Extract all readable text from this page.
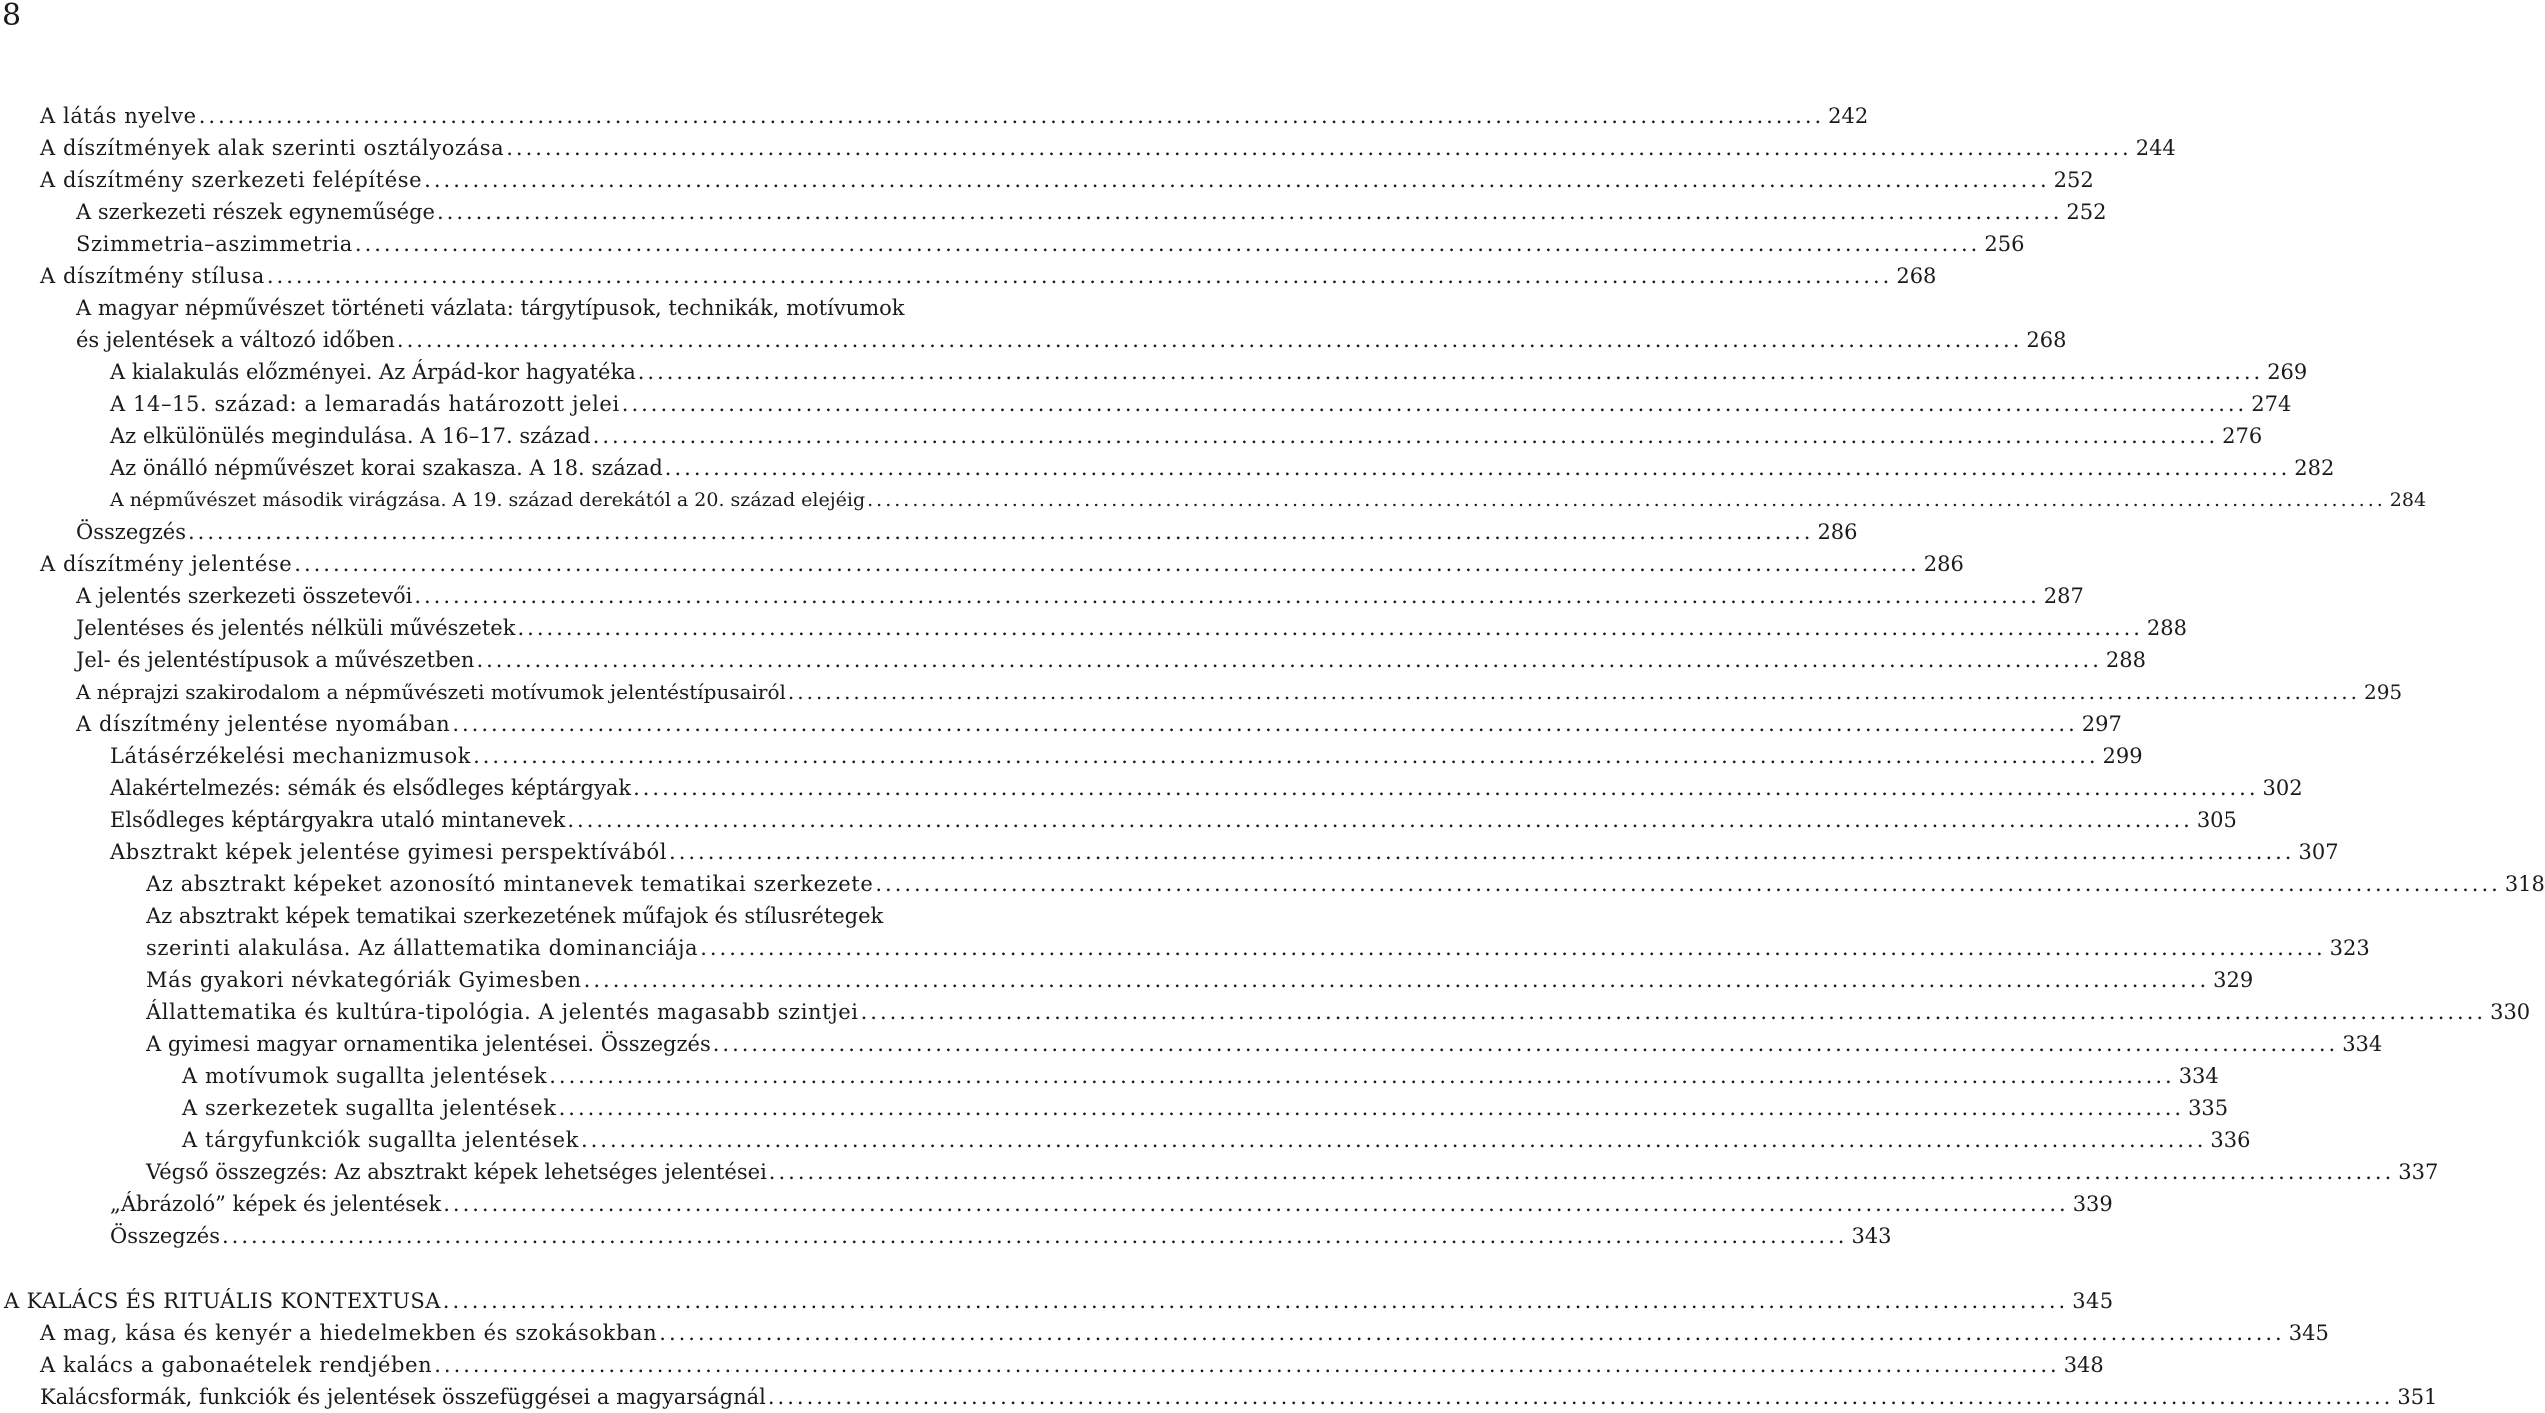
8
A látás nyelve .....	242
A díszítmények alak szerinti osztályozása .....	244
A díszítmény szerkezeti felépítése .....	252
A szerkezeti részek egyneműsége .....	252
Szimmetria–aszimmetria .....	256
A díszítmény stílusa .....	268
A magyar népművészet történeti vázlata: tárgytípusok, technikák, motívumok
és jelentések a változó időben .....	268
A kialakulás előzményei. Az Árpád-kor hagyatéka .....	269
A 14–15. század: a lemaradás határozott jelei .....	274
Az elkülönülés megindulása. A 16–17. század .....	276
Az önálló népművészet korai szakasza. A 18. század .....	282
A népművészet második virágzása. A 19. század derekától a 20. század elejéig .....	284
Összegzés .....	286
A díszítmény jelentése .....	286
A jelentés szerkezeti összetevői .....	287
Jelentéses és jelentés nélküli művészetek .....	288
Jel- és jelentéstípusok a művészetben .....	288
A néprajzi szakirodalom a népművészeti motívumok jelentéstípusairól .....	295
A díszítmény jelentése nyomában .....	297
Látásérzékelési mechanizmusok .....	299
Alakértelmezés: sémák és elsődleges képtárgyak .....	302
Elsődleges képtárgyakra utaló mintanevek .....	305
Absztrakt képek jelentése gyimesi perspektívából .....	307
Az absztrakt képeket azonosító mintanevek tematikai szerkezete .....	318
Az absztrakt képek tematikai szerkezetének műfajok és stílusrétegek
szerinti alakulása. Az állattematika dominanciája .....	323
Más gyakori névkategóriák Gyimesben .....	329
Állattematika és kultúra-tipológia. A jelentés magasabb szintjei .....	330
A gyimesi magyar ornamentika jelentései. Összegzés .....	334
A motívumok sugallta jelentések .....	334
A szerkezetek sugallta jelentések .....	335
A tárgyfunkciók sugallta jelentések .....	336
Végső összegzés: Az absztrakt képek lehetséges jelentései .....	337
„Ábrázoló” képek és jelentések .....	339
Összegzés .....	343
A KALÁCS ÉS RITUÁLIS KONTEXTUSA .....	345
A mag, kása és kenyér a hiedelmekben és szokásokban .....	345
A kalács a gabonaételek rendjében .....	348
Kalácsformák, funkciók és jelentések összefüggései a magyarságnál .....	351
